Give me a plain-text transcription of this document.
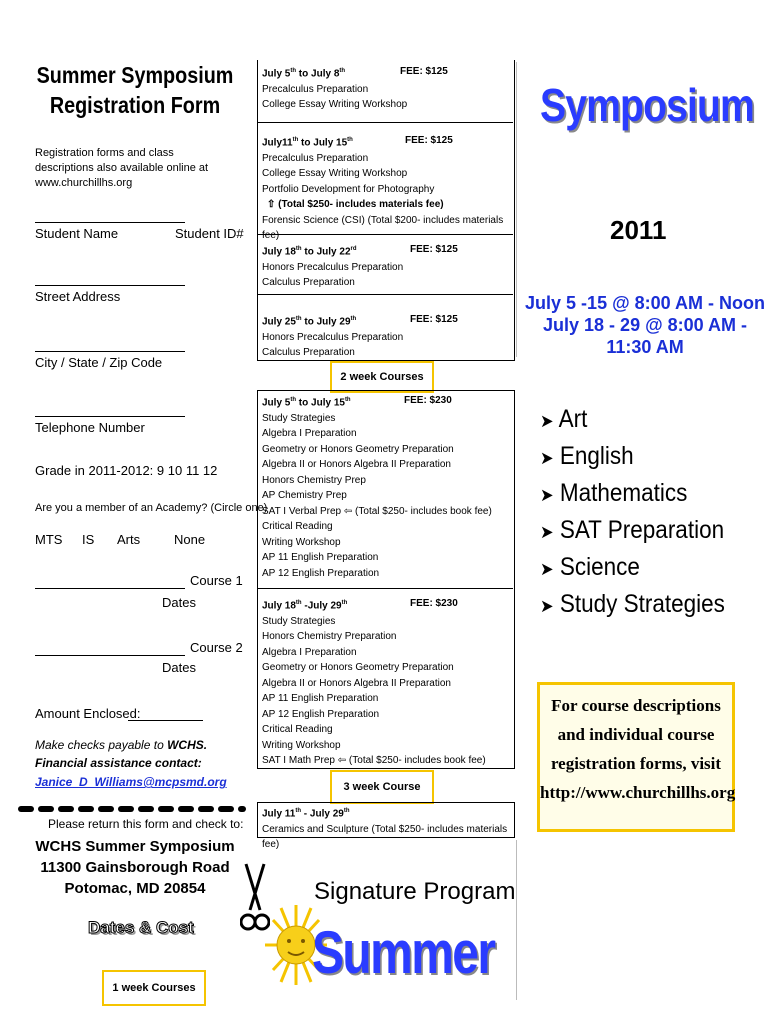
Summer Symposium
Registration Form
Registration forms and class descriptions also available online at www.churchillhs.org
Student Name	Student ID#
Street Address
City / State / Zip Code
Telephone Number
Grade in 2011-2012: 9 10 11 12
Are you a member of an Academy? (Circle one)
MTS IS Arts	None
Course 1
Dates
Course 2
Dates
Amount Enclosed:
Make checks payable to WCHS.
Financial assistance contact:
Janice_D_Williams@mcpsmd.org
Please return this form and check to:
WCHS Summer Symposium
11300 Gainsborough Road
Potomac, MD 20854
Dates & Cost
1 week Courses
July 5th to July 8th	FEE: $125
Precalculus Preparation
College Essay Writing Workshop
July11th to July 15th	FEE: $125
Precalculus Preparation
College Essay Writing Workshop
Portfolio Development for Photography
⇧ (Total $250- includes materials fee)
Forensic Science (CSI) (Total $200- includes materials fee)
July 18th to July 22rd	FEE: $125
Honors Precalculus Preparation
Calculus Preparation
July 25th to July 29th	FEE: $125
Honors Precalculus Preparation
Calculus Preparation
2 week Courses
July 5th to July 15th	FEE: $230
Study Strategies
Algebra I Preparation
Geometry or Honors Geometry Preparation
Algebra II or Honors Algebra II Preparation
Honors Chemistry Prep
AP Chemistry Prep
SAT I Verbal Prep ⇦ (Total $250- includes book fee)
Critical Reading
Writing Workshop
AP 11 English Preparation
AP 12 English Preparation
July 18th -July 29th	FEE: $230
Study Strategies
Honors Chemistry Preparation
Algebra I Preparation
Geometry or Honors Geometry Preparation
Algebra II or Honors Algebra II Preparation
AP 11 English Preparation
AP 12 English Preparation
Critical Reading
Writing Workshop
SAT I Math Prep ⇦ (Total $250- includes book fee)
3 week Course
July 11th - July 29th
Ceramics and Sculpture (Total $250- includes materials fee)
Symposium
2011
July 5 -15 @ 8:00 AM - Noon
July 18 - 29 @ 8:00 AM -
11:30 AM
➤ Art
➤ English
➤ Mathematics
➤ SAT Preparation
➤ Science
➤ Study Strategies
For course descriptions and individual course registration forms, visit http://www.churchillhs.org
Signature Program
Summer
